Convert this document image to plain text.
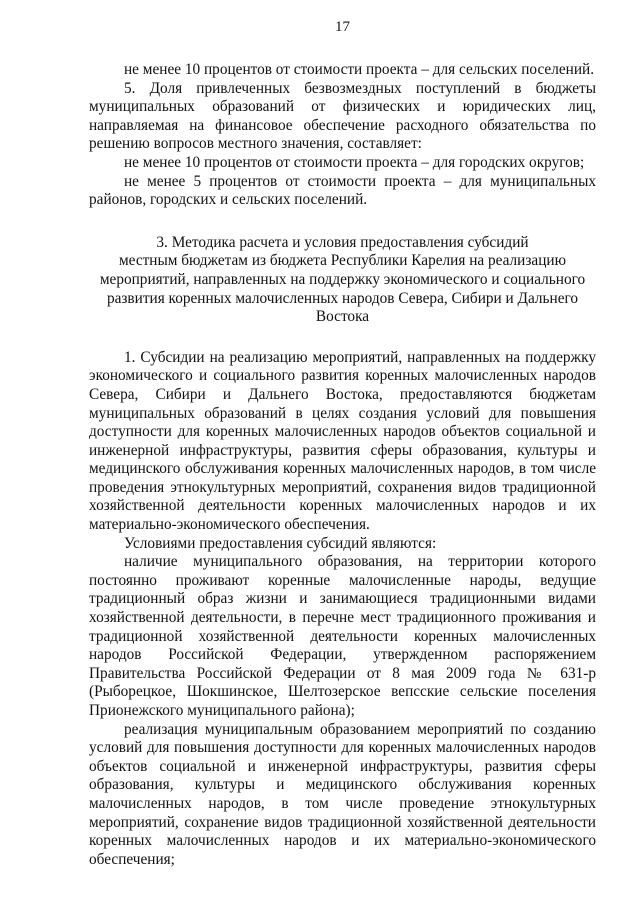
17

не менее 10 процентов от стоимости проекта – для сельских поселений.

5. Доля привлеченных безвозмездных поступлений в бюджеты муниципальных образований от физических и юридических лиц, направляемая на финансовое обеспечение расходного обязательства по решению вопросов местного значения, составляет:

не менее 10 процентов от стоимости проекта – для городских округов;

не менее 5 процентов от стоимости проекта – для муниципальных районов, городских и сельских поселений.

3. Методика расчета и условия предоставления субсидий
местным бюджетам из бюджета Республики Карелия на реализацию
мероприятий, направленных на поддержку экономического и социального
развития коренных малочисленных народов Севера, Сибири и Дальнего
Востока

1. Субсидии на реализацию мероприятий, направленных на поддержку экономического и социального развития коренных малочисленных народов Севера, Сибири и Дальнего Востока, предоставляются бюджетам муниципальных образований в целях создания условий для повышения доступности для коренных малочисленных народов объектов социальной и инженерной инфраструктуры, развития сферы образования, культуры и медицинского обслуживания коренных малочисленных народов, в том числе проведения этнокультурных мероприятий, сохранения видов традиционной хозяйственной деятельности коренных малочисленных народов и их материально-экономического обеспечения.

Условиями предоставления субсидий являются:

наличие муниципального образования, на территории которого постоянно проживают коренные малочисленные народы, ведущие традиционный образ жизни и занимающиеся традиционными видами хозяйственной деятельности, в перечне мест традиционного проживания и традиционной хозяйственной деятельности коренных малочисленных народов Российской Федерации, утвержденном распоряжением Правительства Российской Федерации от 8 мая 2009 года № 631-р (Рыборецкое, Шокшинское, Шелтозерское вепсские сельские поселения Прионежского муниципального района);

реализация муниципальным образованием мероприятий по созданию условий для повышения доступности для коренных малочисленных народов объектов социальной и инженерной инфраструктуры, развития сферы образования, культуры и медицинского обслуживания коренных малочисленных народов, в том числе проведение этнокультурных мероприятий, сохранение видов традиционной хозяйственной деятельности коренных малочисленных народов и их материально-экономического обеспечения;
